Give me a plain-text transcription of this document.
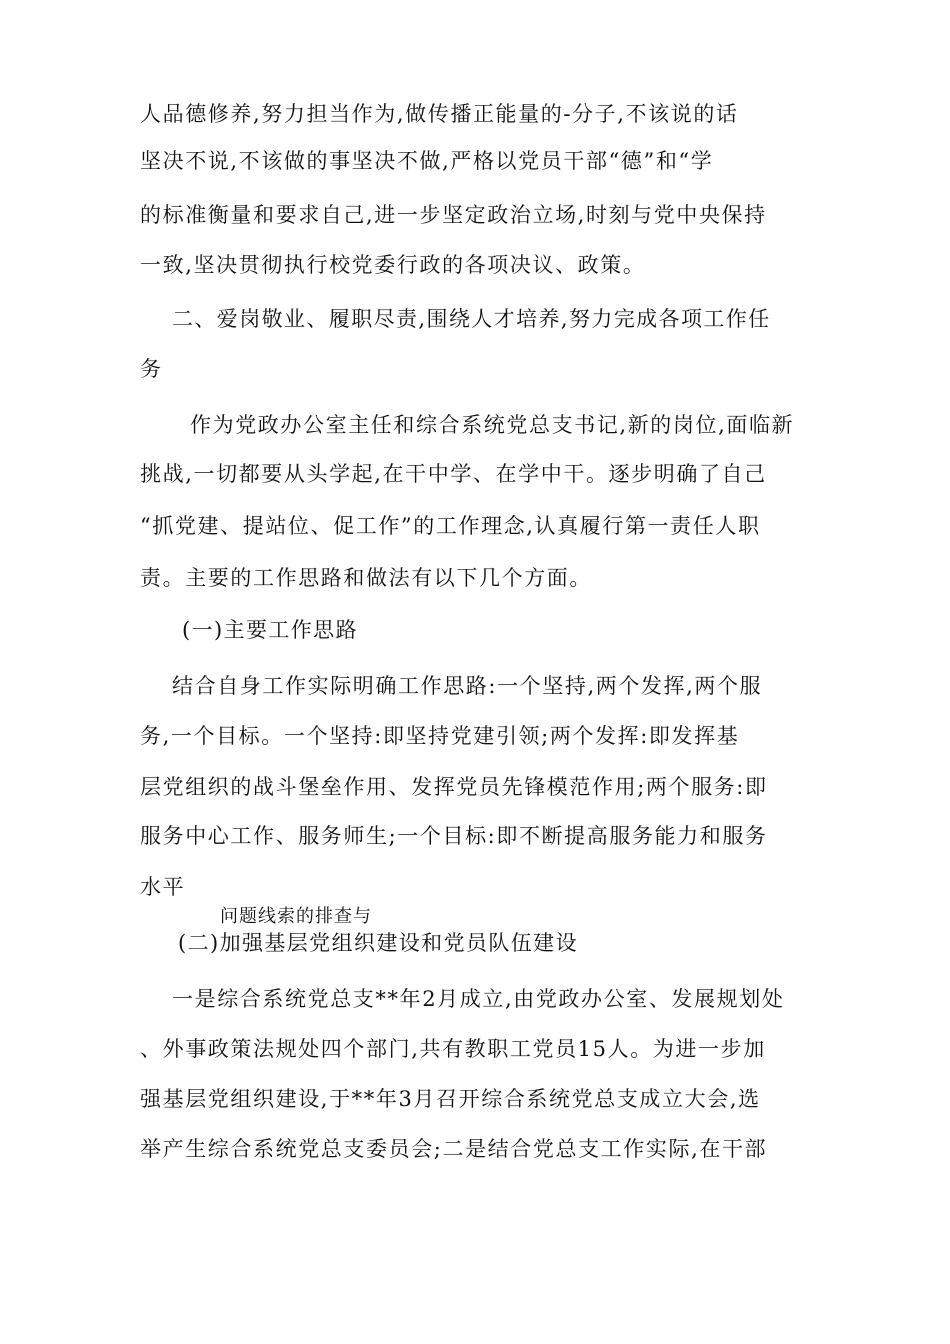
人品德修养,努力担当作为,做传播正能量的-分子,不该说的话
坚决不说,不该做的事坚决不做,严格以党员干部“德”和“学
的标准衡量和要求自己,进一步坚定政治立场,时刻与党中央保持
一致,坚决贯彻执行校党委行政的各项决议、政策。
二、爱岗敬业、履职尽责,围绕人才培养,努力完成各项工作任
务
作为党政办公室主任和综合系统党总支书记,新的岗位,面临新
挑战,一切都要从头学起,在干中学、在学中干。逐步明确了自己
“抓党建、提站位、促工作”的工作理念,认真履行第一责任人职
责。主要的工作思路和做法有以下几个方面。
(一)主要工作思路
结合自身工作实际明确工作思路:一个坚持,两个发挥,两个服
务,一个目标。一个坚持:即坚持党建引领;两个发挥:即发挥基
层党组织的战斗堡垒作用、发挥党员先锋模范作用;两个服务:即
服务中心工作、服务师生;一个目标:即不断提高服务能力和服务
水平
问题线索的排查与
(二)加强基层党组织建设和党员队伍建设
一是综合系统党总支**年2月成立,由党政办公室、发展规划处
、外事政策法规处四个部门,共有教职工党员15人。为进一步加
强基层党组织建设,于**年3月召开综合系统党总支成立大会,选
举产生综合系统党总支委员会;二是结合党总支工作实际,在干部
